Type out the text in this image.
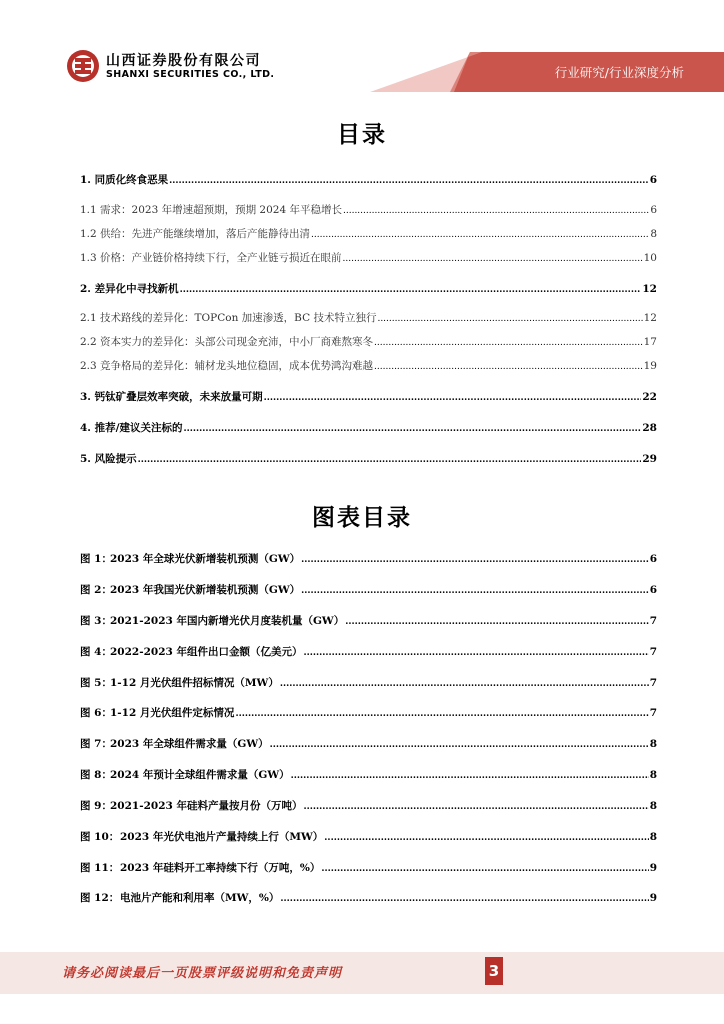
山西证券股份有限公司
SHANXI SECURITIES CO., LTD.	行业研究/行业深度分析
目录
1. 同质化终食恶果 .....	6
1.1 需求：2023 年增速超预期，预期 2024 年平稳增长 .....	6
1.2 供给：先进产能继续增加，落后产能静待出清 .....	8
1.3 价格：产业链价格持续下行，全产业链亏损近在眼前 .....	10
2. 差异化中寻找新机 .....	12
2.1 技术路线的差异化：TOPCon 加速渗透，BC 技术特立独行 .....	12
2.2 资本实力的差异化：头部公司现金充沛，中小厂商难熬寒冬 .....	17
2.3 竞争格局的差异化：辅材龙头地位稳固，成本优势鸿沟难越 .....	19
3. 钙钛矿叠层效率突破，未来放量可期 .....	22
4. 推荐/建议关注标的 .....	28
5. 风险提示 .....	29
图表目录
图 1：2023 年全球光伏新增装机预测（GW） .....	6
图 2：2023 年我国光伏新增装机预测（GW） .....	6
图 3：2021-2023 年国内新增光伏月度装机量（GW） .....	7
图 4：2022-2023 年组件出口金额（亿美元） .....	7
图 5：1-12 月光伏组件招标情况（MW） .....	7
图 6：1-12 月光伏组件定标情况 .....	7
图 7：2023 年全球组件需求量（GW） .....	8
图 8：2024 年预计全球组件需求量（GW） .....	8
图 9：2021-2023 年硅料产量按月份（万吨） .....	8
图 10：2023 年光伏电池片产量持续上行（MW） .....	8
图 11：2023 年硅料开工率持续下行（万吨，%） .....	9
图 12：电池片产能和利用率（MW，%） .....	9
请务必阅读最后一页股票评级说明和免责声明	3
